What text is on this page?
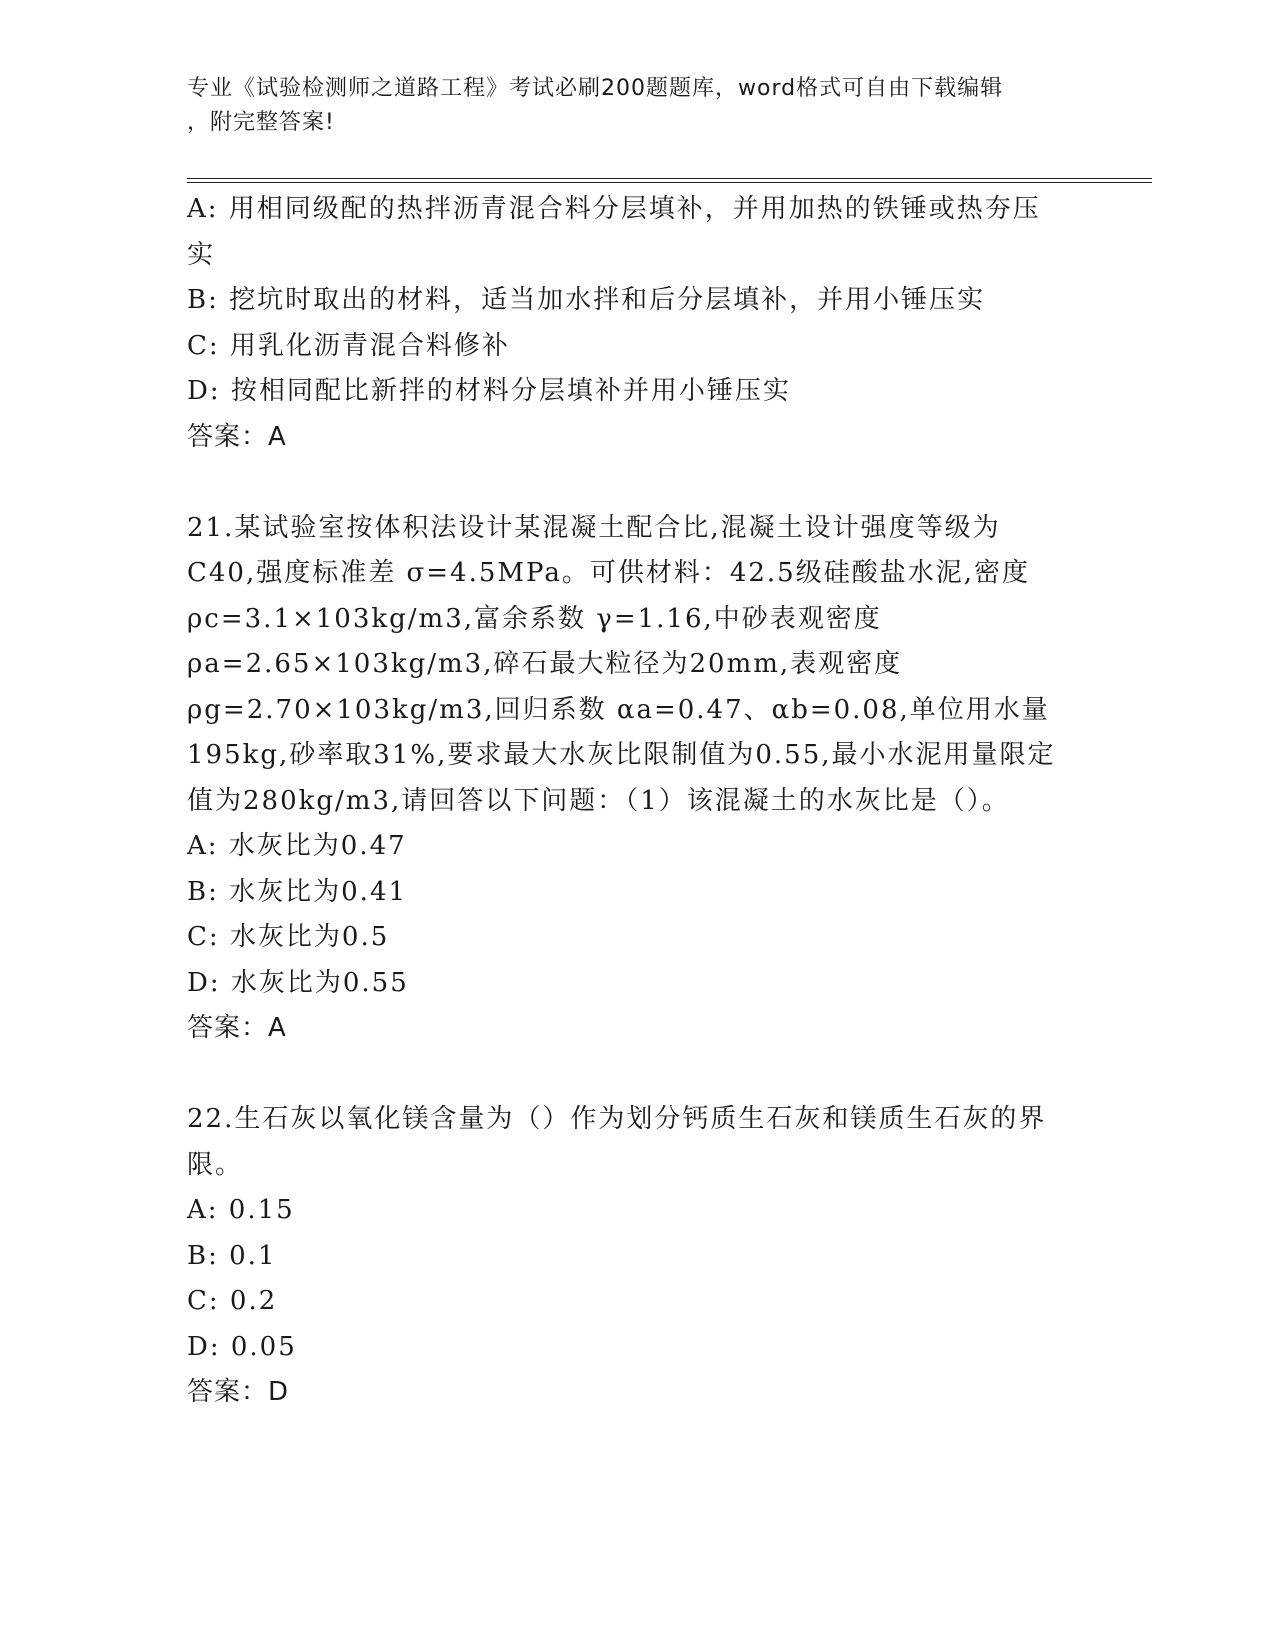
专业《试验检测师之道路工程》考试必刷200题题库，word格式可自由下载编辑
，附完整答案!
A: 用相同级配的热拌沥青混合料分层填补，并用加热的铁锤或热夯压
实
B: 挖坑时取出的材料，适当加水拌和后分层填补，并用小锤压实
C: 用乳化沥青混合料修补
D: 按相同配比新拌的材料分层填补并用小锤压实
答案：A
21.某试验室按体积法设计某混凝土配合比,混凝土设计强度等级为
C40,强度标准差 σ=4.5MPa。可供材料：42.5级硅酸盐水泥,密度
ρc=3.1×103kg/m3,富余系数 γ=1.16,中砂表观密度
ρa=2.65×103kg/m3,碎石最大粒径为20mm,表观密度
ρg=2.70×103kg/m3,回归系数 αa=0.47、αb=0.08,单位用水量
195kg,砂率取31%,要求最大水灰比限制值为0.55,最小水泥用量限定
值为280kg/m3,请回答以下问题：（1）该混凝土的水灰比是（）。
A: 水灰比为0.47
B: 水灰比为0.41
C: 水灰比为0.5
D: 水灰比为0.55
答案：A
22.生石灰以氧化镁含量为（）作为划分钙质生石灰和镁质生石灰的界
限。
A: 0.15
B: 0.1
C: 0.2
D: 0.05
答案：D
